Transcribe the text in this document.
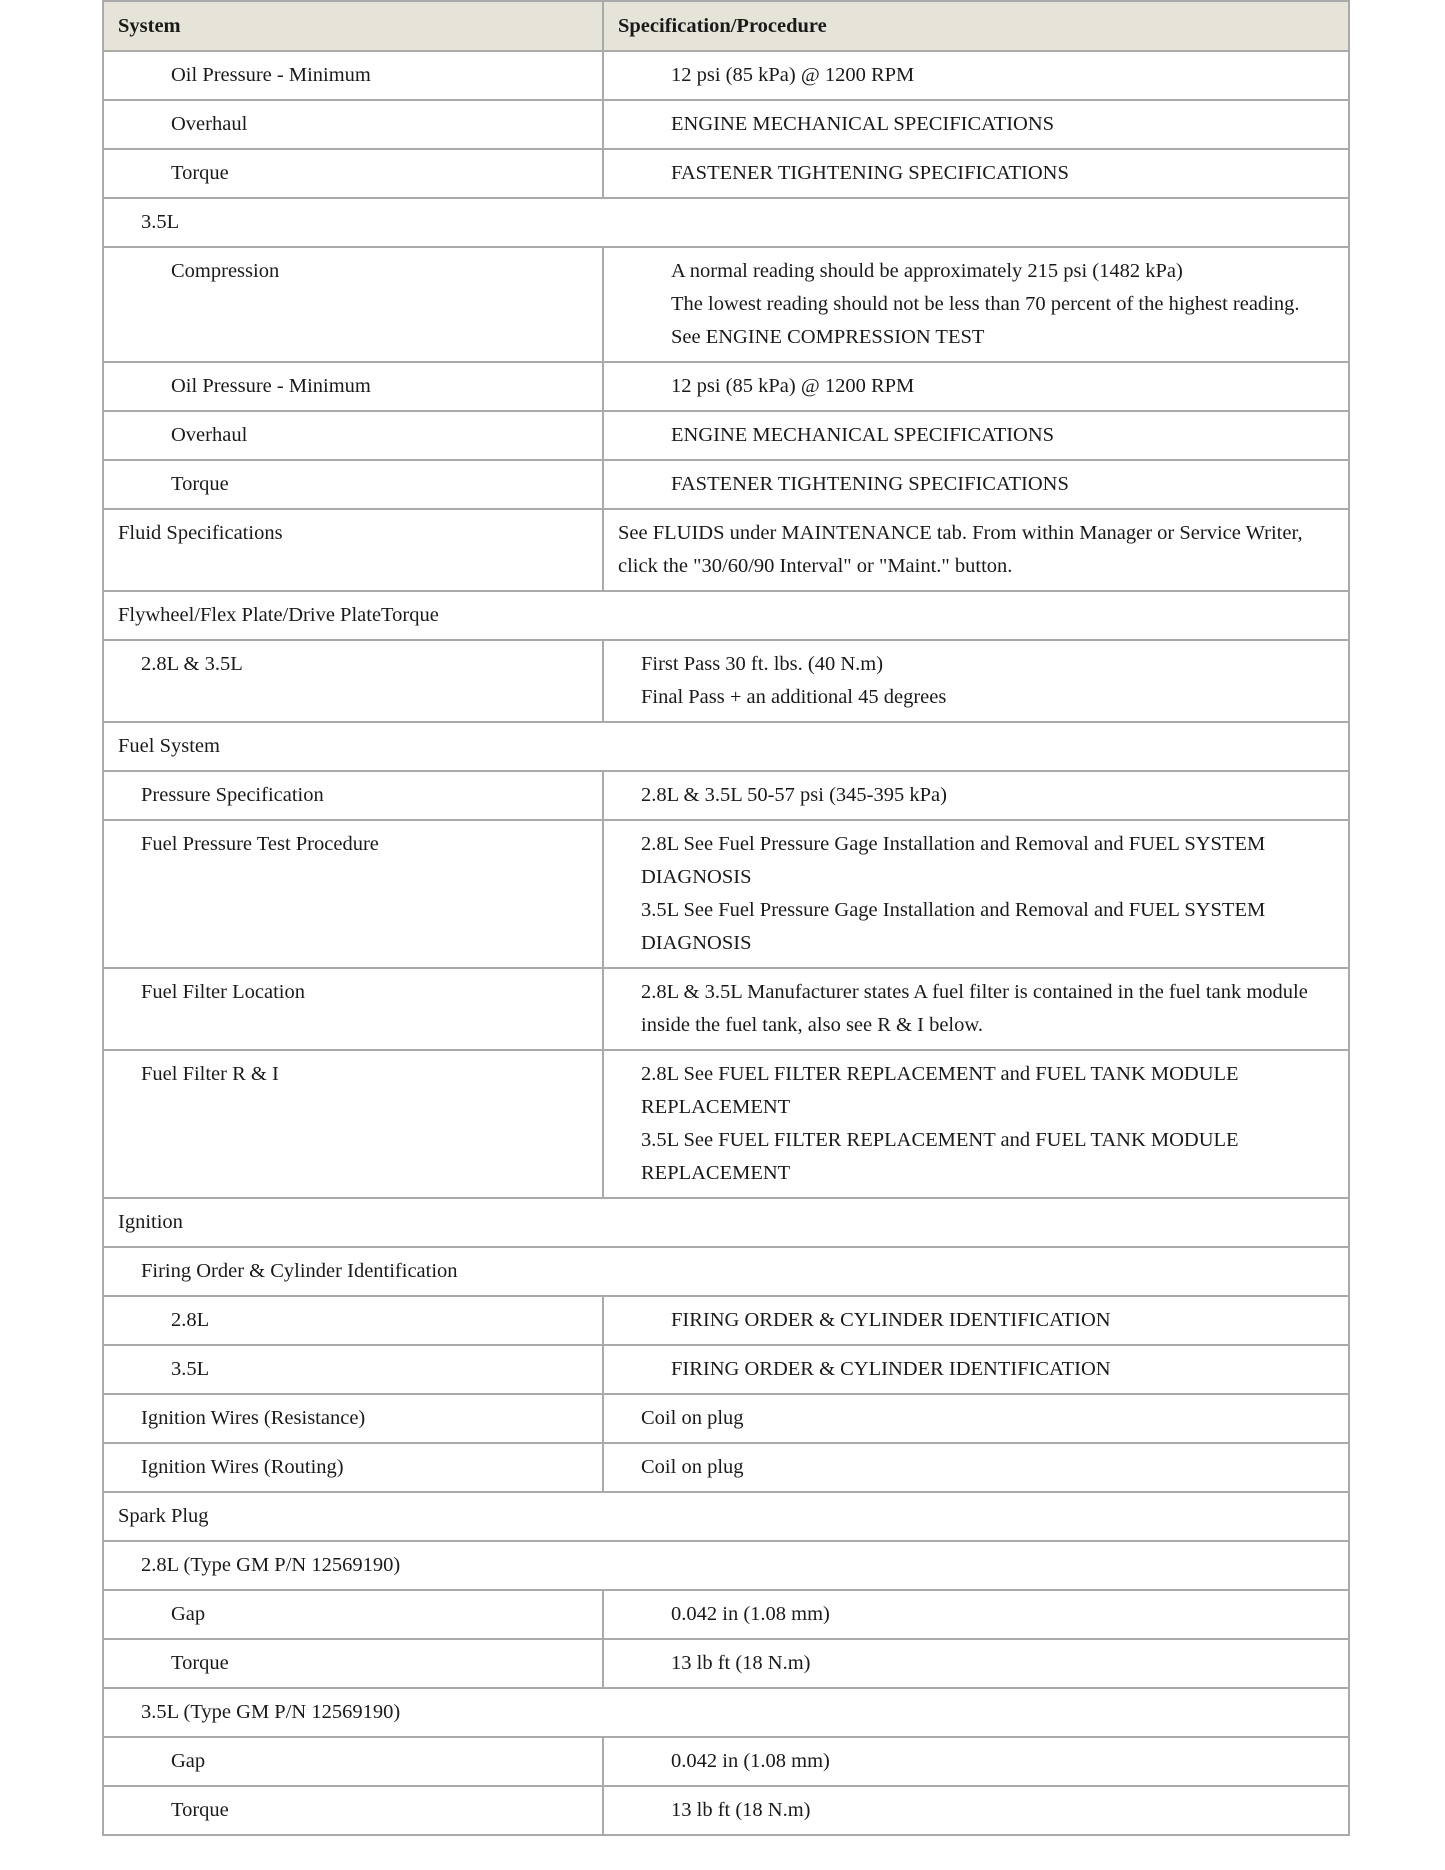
System	Specification/Procedure
Oil Pressure - Minimum	12 psi (85 kPa) @ 1200 RPM

Overhaul	ENGINE MECHANICAL SPECIFICATIONS

Torque	FASTENER TIGHTENING SPECIFICATIONS

3.5L	
Compression	A normal reading should be approximately 215 psi (1482 kPa)
The lowest reading should not be less than 70 percent of the highest reading. See ENGINE COMPRESSION TEST

Oil Pressure - Minimum	12 psi (85 kPa) @ 1200 RPM

Overhaul	ENGINE MECHANICAL SPECIFICATIONS

Torque	FASTENER TIGHTENING SPECIFICATIONS

Fluid Specifications	See FLUIDS under MAINTENANCE tab. From within Manager or Service Writer, click the "30/60/90 Interval" or "Maint." button.

Flywheel/Flex Plate/Drive PlateTorque	
2.8L & 3.5L	First Pass 30 ft. lbs. (40 N.m)
Final Pass + an additional 45 degrees

Fuel System	
Pressure Specification	2.8L & 3.5L 50-57 psi (345-395 kPa)

Fuel Pressure Test Procedure	2.8L See Fuel Pressure Gage Installation and Removal and FUEL SYSTEM DIAGNOSIS
3.5L See Fuel Pressure Gage Installation and Removal and FUEL SYSTEM DIAGNOSIS

Fuel Filter Location	2.8L & 3.5L Manufacturer states A fuel filter is contained in the fuel tank module inside the fuel tank, also see R & I below.

Fuel Filter R & I	2.8L See FUEL FILTER REPLACEMENT and FUEL TANK MODULE REPLACEMENT
3.5L See FUEL FILTER REPLACEMENT and FUEL TANK MODULE REPLACEMENT

Ignition	
Firing Order & Cylinder Identification	
2.8L	FIRING ORDER & CYLINDER IDENTIFICATION

3.5L	FIRING ORDER & CYLINDER IDENTIFICATION

Ignition Wires (Resistance)	Coil on plug

Ignition Wires (Routing)	Coil on plug

Spark Plug	
2.8L (Type GM P/N 12569190)	
Gap	0.042 in (1.08 mm)

Torque	13 lb ft (18 N.m)

3.5L (Type GM P/N 12569190)	
Gap	0.042 in (1.08 mm)

Torque	13 lb ft (18 N.m)
